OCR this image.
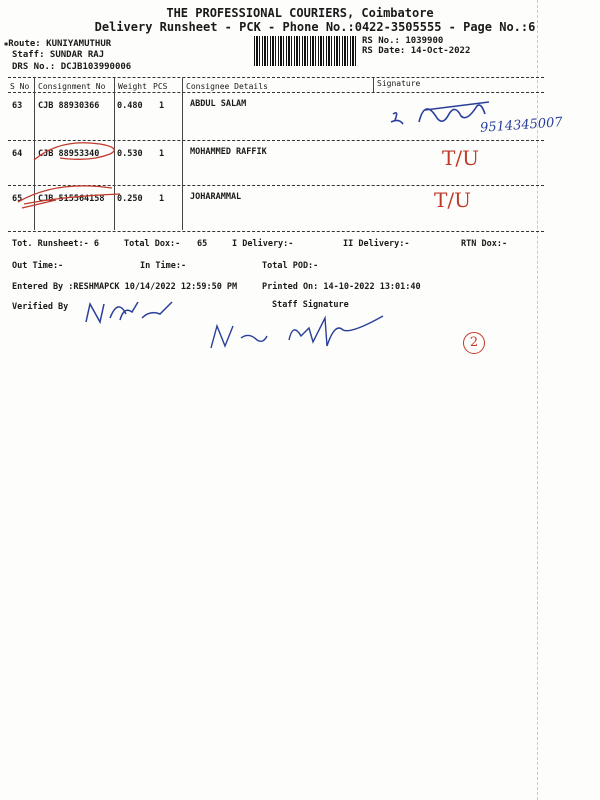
THE PROFESSIONAL COURIERS, Coimbatore
Delivery Runsheet - PCK - Phone No.:0422-3505555 - Page No.:6
✱Route: KUNIYAMUTHUR
Staff: SUNDAR RAJ
DRS No.: DCJB103990006
RS No.: 1039900
RS Date: 14-Oct-2022
S No Consignment No Weight PCS Consignee Details	Signature
63 CJB 88930366 0.480 1	ABDUL SALAM
64 CJB 88953340 0.530 1	MOHAMMED RAFFIK
65 CJB 515564158 0.250 1	JOHARAMMAL
Tot. Runsheet:- 6	Total Dox:- 65	I Delivery:-	II Delivery:-	RTN Dox:-
Out Time:-	In Time:-	Total POD:-
Entered By :RESHMAPCK 10/14/2022 12:59:50 PM	Printed On: 14-10-2022 13:01:40
Verified By	Staff Signature
9514345007
T/U
T/U
2
